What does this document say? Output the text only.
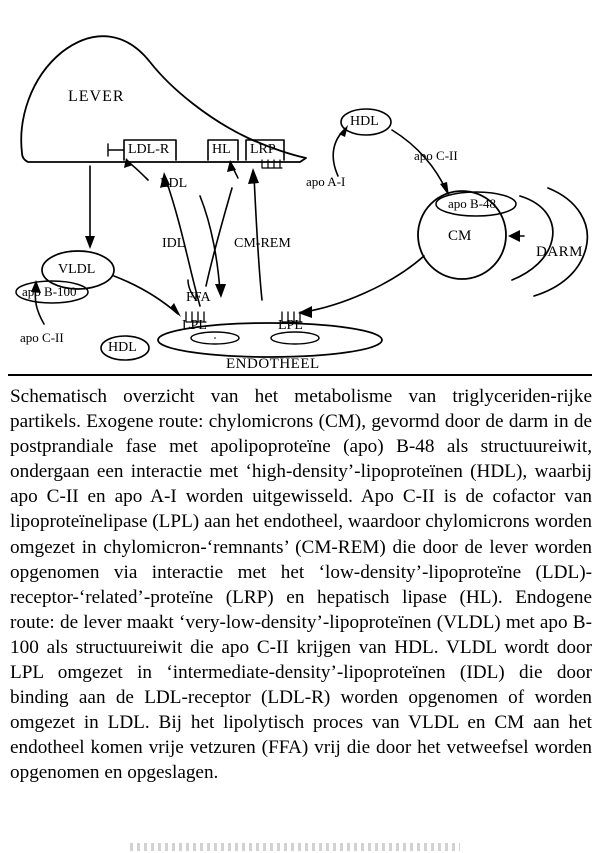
LEVER
LDL-R	HL LRP
LDL
IDL	CM-REM
FFA
LPL	LPL
ENDOTHEEL
VLDL
apo B-100
apo C-II
HDL
HDL
apo C-II
apo A-I
apo B-48
CM
DARM
Schematisch overzicht van het metabolisme van triglyceriden-rijke partikels. Exogene route: chylomicrons (CM), gevormd door de darm in de postprandiale fase met apolipoproteïne (apo) B-48 als structuureiwit, ondergaan een interactie met ‘high-density’-lipoproteïnen (HDL), waarbij apo C-II en apo A-I worden uitgewisseld. Apo C-II is de cofactor van lipoproteïnelipase (LPL) aan het endotheel, waardoor chylomicrons worden omgezet in chylomicron-‘remnants’ (CM-REM) die door de lever worden opgenomen via interactie met het ‘low-density’-lipoproteïne (LDL)-receptor-‘related’-proteïne (LRP) en hepatisch lipase (HL). Endogene route: de lever maakt ‘very-low-density’-lipoproteïnen (VLDL) met apo B-100 als structuureiwit die apo C-II krijgen van HDL. VLDL wordt door LPL omgezet in ‘intermediate-density’-lipoproteïnen (IDL) die door binding aan de LDL-receptor (LDL-R) worden opgenomen of worden omgezet in LDL. Bij het lipolytisch proces van VLDL en CM aan het endotheel komen vrije vetzuren (FFA) vrij die door het vetweefsel worden opgenomen en opgeslagen.
